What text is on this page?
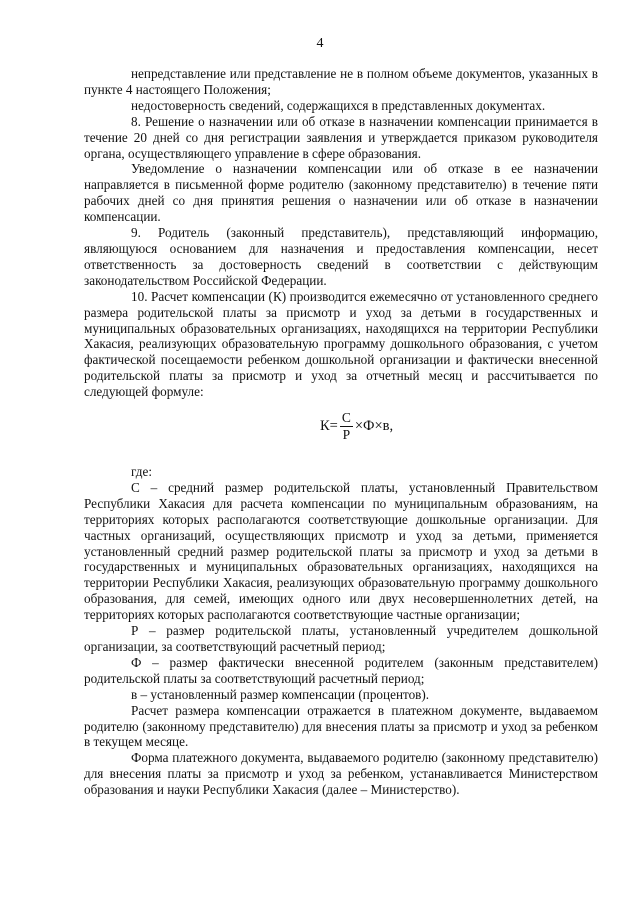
4

непредставление или представление не в полном объеме документов, указанных в пункте 4 настоящего Положения;

недостоверность сведений, содержащихся в представленных документах.

8. Решение о назначении или об отказе в назначении компенсации принимается в течение 20 дней со дня регистрации заявления и утверждается приказом руководителя органа, осуществляющего управление в сфере образования.

Уведомление о назначении компенсации или об отказе в ее назначении направляется в письменной форме родителю (законному представителю) в течение пяти рабочих дней со дня принятия решения о назначении или об отказе в назначении компенсации.

9. Родитель (законный представитель), представляющий информацию, являющуюся основанием для назначения и предоставления компенсации, несет ответственность за достоверность сведений в соответствии с действующим законодательством Российской Федерации.

10. Расчет компенсации (К) производится ежемесячно от установленного среднего размера родительской платы за присмотр и уход за детьми в государственных и муниципальных образовательных организациях, находящихся на территории Республики Хакасия, реализующих образовательную программу дошкольного образования, с учетом фактической посещаемости ребенком дошкольной организации и фактически внесенной родительской платы за присмотр и уход за отчетный месяц и рассчитывается по следующей формуле:

$К= \frac{С}{Р} \times Ф\times в$,

где:

С – средний размер родительской платы, установленный Правительством Республики Хакасия для расчета компенсации по муниципальным образованиям, на территориях которых располагаются соответствующие дошкольные организации. Для частных организаций, осуществляющих присмотр и уход за детьми, применяется установленный средний размер родительской платы за присмотр и уход за детьми в государственных и муниципальных образовательных организациях, находящихся на территории Республики Хакасия, реализующих образовательную программу дошкольного образования, для семей, имеющих одного или двух несовершеннолетних детей, на территориях которых располагаются соответствующие частные организации;

Р – размер родительской платы, установленный учредителем дошкольной организации, за соответствующий расчетный период;

Ф – размер фактически внесенной родителем (законным представителем) родительской платы за соответствующий расчетный период;

в – установленный размер компенсации (процентов).

Расчет размера компенсации отражается в платежном документе, выдаваемом родителю (законному представителю) для внесения платы за присмотр и уход за ребенком в текущем месяце.

Форма платежного документа, выдаваемого родителю (законному представителю) для внесения платы за присмотр и уход за ребенком, устанавливается Министерством образования и науки Республики Хакасия (далее – Министерство).
